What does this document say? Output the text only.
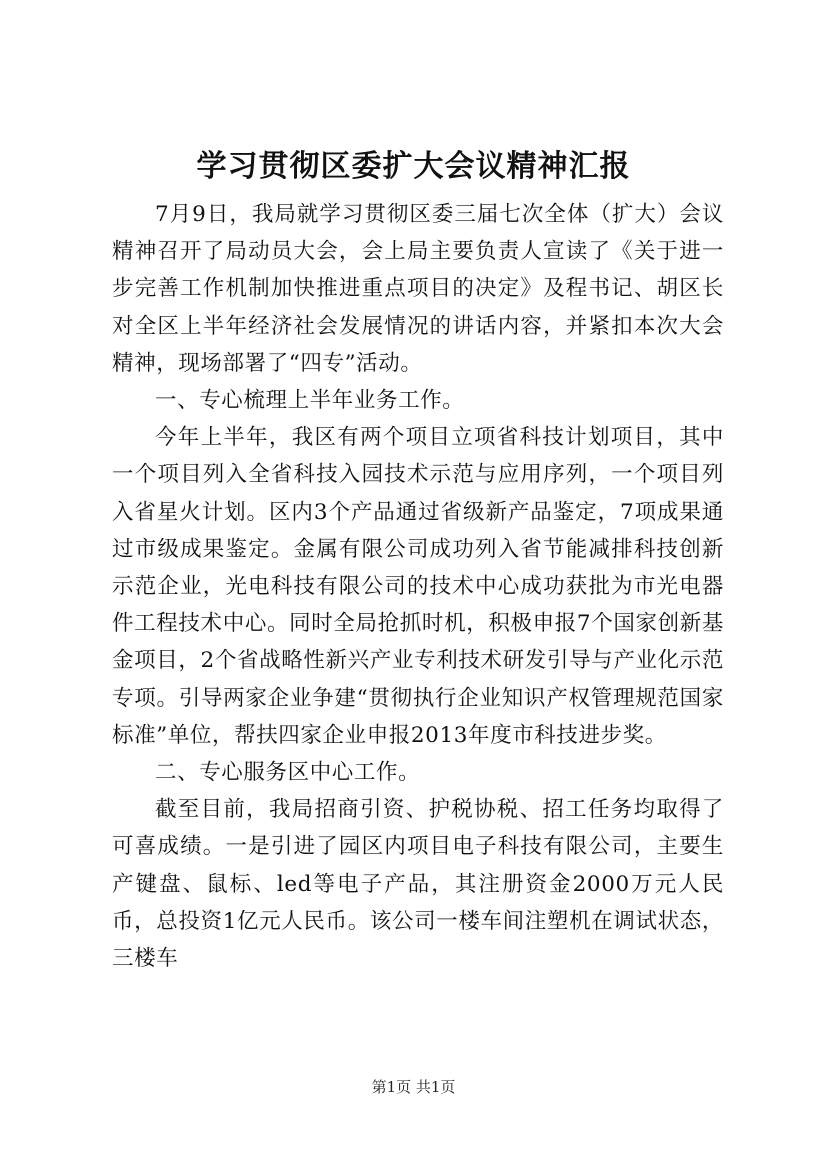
学习贯彻区委扩大会议精神汇报

7月9日，我局就学习贯彻区委三届七次全体（扩大）会议精神召开了局动员大会，会上局主要负责人宣读了《关于进一步完善工作机制加快推进重点项目的决定》及程书记、胡区长对全区上半年经济社会发展情况的讲话内容，并紧扣本次大会精神，现场部署了“四专”活动。

一、专心梳理上半年业务工作。

今年上半年，我区有两个项目立项省科技计划项目，其中一个项目列入全省科技入园技术示范与应用序列，一个项目列入省星火计划。区内3个产品通过省级新产品鉴定，7项成果通过市级成果鉴定。金属有限公司成功列入省节能减排科技创新示范企业，光电科技有限公司的技术中心成功获批为市光电器件工程技术中心。同时全局抢抓时机，积极申报7个国家创新基金项目，2个省战略性新兴产业专利技术研发引导与产业化示范专项。引导两家企业争建“贯彻执行企业知识产权管理规范国家标准”单位，帮扶四家企业申报2013年度市科技进步奖。

二、专心服务区中心工作。

截至目前，我局招商引资、护税协税、招工任务均取得了可喜成绩。一是引进了园区内项目电子科技有限公司，主要生产键盘、鼠标、led等电子产品，其注册资金2000万元人民币，总投资1亿元人民币。该公司一楼车间注塑机在调试状态，三楼车

第1页 共1页
